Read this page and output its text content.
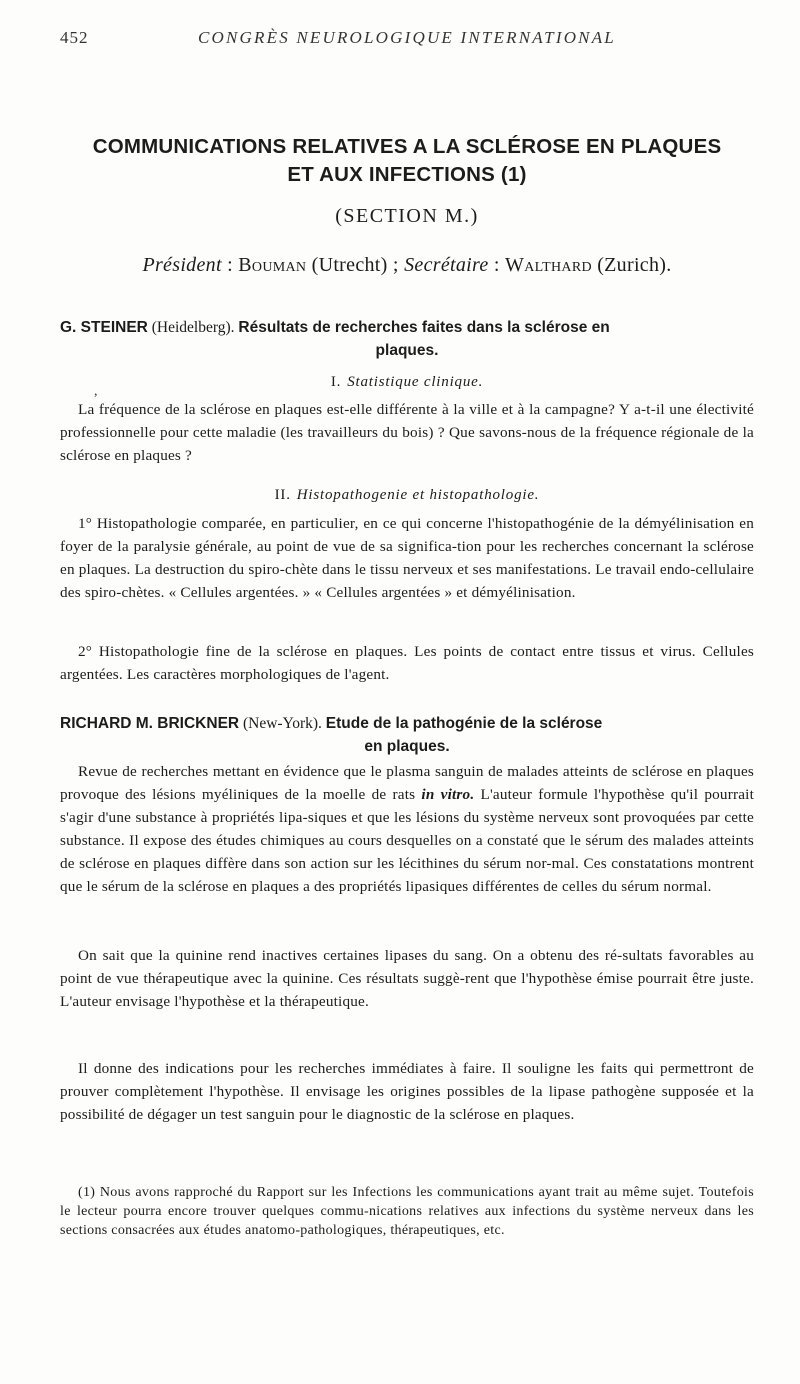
452	CONGRÈS NEUROLOGIQUE INTERNATIONAL
COMMUNICATIONS RELATIVES A LA SCLÉROSE EN PLAQUES
ET AUX INFECTIONS (1)
(SECTION M.)
Président : Bouman (Utrecht) ; Secrétaire : Walthard (Zurich).
G. STEINER (Heidelberg). Résultats de recherches faites dans la sclérose en
plaques.
,
I. Statistique clinique.
La fréquence de la sclérose en plaques est-elle différente à la ville et à la campagne? Y a-t-il une électivité professionnelle pour cette maladie (les travailleurs du bois) ? Que savons-nous de la fréquence régionale de la sclérose en plaques ?
II. Histopathogenie et histopathologie.
1° Histopathologie comparée, en particulier, en ce qui concerne l'histopathogénie de la démyélinisation en foyer de la paralysie générale, au point de vue de sa significa-tion pour les recherches concernant la sclérose en plaques. La destruction du spiro-chète dans le tissu nerveux et ses manifestations. Le travail endo-cellulaire des spiro-chètes. « Cellules argentées. » « Cellules argentées » et démyélinisation.
2° Histopathologie fine de la sclérose en plaques. Les points de contact entre tissus et virus. Cellules argentées. Les caractères morphologiques de l'agent.
RICHARD M. BRICKNER (New-York). Etude de la pathogénie de la sclérose
en plaques.
Revue de recherches mettant en évidence que le plasma sanguin de malades atteints de sclérose en plaques provoque des lésions myéliniques de la moelle de rats in vitro. L'auteur formule l'hypothèse qu'il pourrait s'agir d'une substance à propriétés lipa-siques et que les lésions du système nerveux sont provoquées par cette substance. Il expose des études chimiques au cours desquelles on a constaté que le sérum des malades atteints de sclérose en plaques diffère dans son action sur les lécithines du sérum nor-mal. Ces constatations montrent que le sérum de la sclérose en plaques a des propriétés lipasiques différentes de celles du sérum normal.
On sait que la quinine rend inactives certaines lipases du sang. On a obtenu des ré-sultats favorables au point de vue thérapeutique avec la quinine. Ces résultats suggè-rent que l'hypothèse émise pourrait être juste. L'auteur envisage l'hypothèse et la thérapeutique.
Il donne des indications pour les recherches immédiates à faire. Il souligne les faits qui permettront de prouver complètement l'hypothèse. Il envisage les origines possibles de la lipase pathogène supposée et la possibilité de dégager un test sanguin pour le diagnostic de la sclérose en plaques.
(1) Nous avons rapproché du Rapport sur les Infections les communications ayant trait au même sujet. Toutefois le lecteur pourra encore trouver quelques commu-nications relatives aux infections du système nerveux dans les sections consacrées aux études anatomo-pathologiques, thérapeutiques, etc.
